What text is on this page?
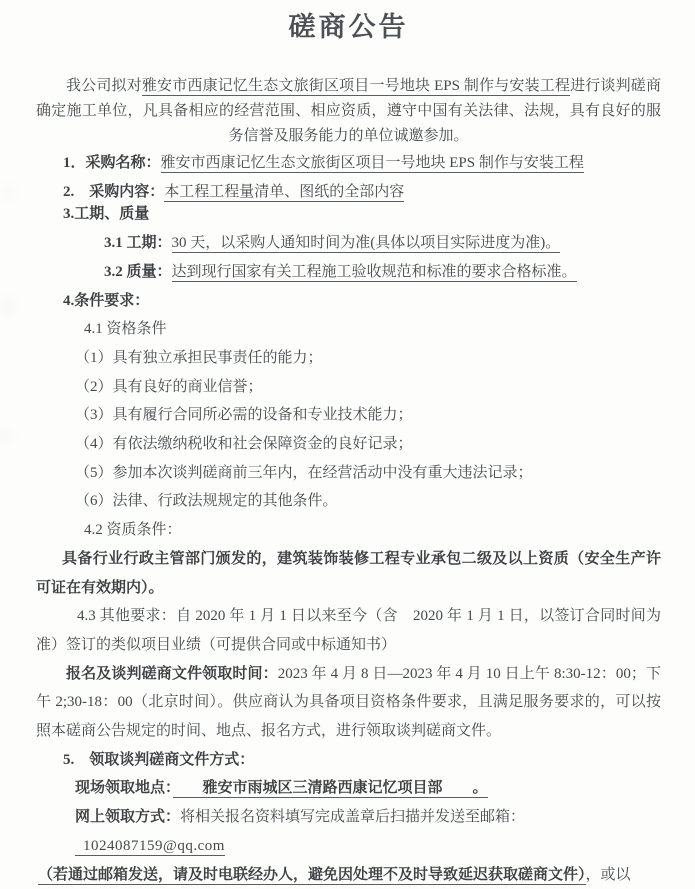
磋商公告

我公司拟对雅安市西康记忆生态文旅街区项目一号地块 EPS 制作与安装工程进行谈判磋商确定施工单位，凡具备相应的经营范围、相应资质，遵守中国有关法律、法规，具有良好的服务信誉及服务能力的单位诚邀参加。

1．采购名称：雅安市西康记忆生态文旅街区项目一号地块 EPS 制作与安装工程
2.　采购内容：本工程工程量清单、图纸的全部内容
3.工期、质量
3.1 工期：30 天，以采购人通知时间为准(具体以项目实际进度为准)。
3.2 质量：达到现行国家有关工程施工验收规范和标准的要求合格标准。
4.条件要求：
4.1 资格条件
（1）具有独立承担民事责任的能力；
（2）具有良好的商业信誉；
（3）具有履行合同所必需的设备和专业技术能力；
（4）有依法缴纳税收和社会保障资金的良好记录；
（5）参加本次谈判磋商前三年内，在经营活动中没有重大违法记录；
（6）法律、行政法规规定的其他条件。
4.2 资质条件：
具备行业行政主管部门颁发的，建筑装饰装修工程专业承包二级及以上资质（安全生产许可证在有效期内）。
4.3 其他要求：自 2020 年 1 月 1 日以来至今（含　2020 年 1 月 1 日，以签订合同时间为准）签订的类似项目业绩（可提供合同或中标通知书）
报名及谈判磋商文件领取时间：2023 年 4 月 8 日—2023 年 4 月 10 日上午 8:30-12：00；下午 2;30-18：00（北京时间）。供应商认为具备项目资格条件要求，且满足服务要求的，可以按照本磋商公告规定的时间、地点、报名方式，进行领取谈判磋商文件。
5.　领取谈判磋商文件方式：
现场领取地点：　　雅安市雨城区三清路西康记忆项目部　　。
网上领取方式：将相关报名资料填写完成盖章后扫描并发送至邮箱：1024087159@qq.com
（若通过邮箱发送，请及时电联经办人，避免因处理不及时导致延迟获取磋商文件），或以
